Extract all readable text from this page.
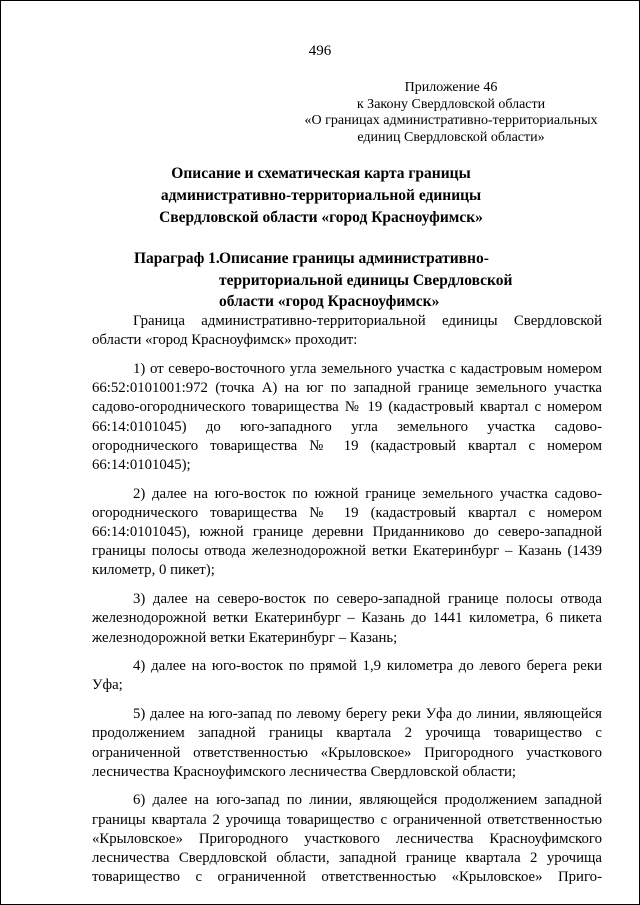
496
Приложение 46
к Закону Свердловской области
«О границах административно-территориальных
единиц Свердловской области»
Описание и схематическая карта границы
административно-территориальной единицы
Свердловской области «город Красноуфимск»
Параграф 1. Описание границы административно-
территориальной единицы Свердловской
области «город Красноуфимск»

Граница административно-территориальной единицы Свердловской области «город Красноуфимск» проходит:

1) от северо-восточного угла земельного участка с кадастровым номером 66:52:0101001:972 (точка А) на юг по западной границе земельного участка садово-огороднического товарищества № 19 (кадастровый квартал с номером 66:14:0101045) до юго-западного угла земельного участка садово-огороднического товарищества № 19 (кадастровый квартал с номером 66:14:0101045);

2) далее на юго-восток по южной границе земельного участка садово-огороднического товарищества № 19 (кадастровый квартал с номером 66:14:0101045), южной границе деревни Приданниково до северо-западной границы полосы отвода железнодорожной ветки Екатеринбург – Казань (1439 километр, 0 пикет);

3) далее на северо-восток по северо-западной границе полосы отвода железнодорожной ветки Екатеринбург – Казань до 1441 километра, 6 пикета железнодорожной ветки Екатеринбург – Казань;

4) далее на юго-восток по прямой 1,9 километра до левого берега реки Уфа;

5) далее на юго-запад по левому берегу реки Уфа до линии, являющейся продолжением западной границы квартала 2 урочища товарищество с ограниченной ответственностью «Крыловское» Пригородного участкового лесничества Красноуфимского лесничества Свердловской области;

6) далее на юго-запад по линии, являющейся продолжением западной границы квартала 2 урочища товарищество с ограниченной ответственностью «Крыловское» Пригородного участкового лесничества Красноуфимского лесничества Свердловской области, западной границе квартала 2 урочища товарищество с ограниченной ответственностью «Крыловское» Приго-
